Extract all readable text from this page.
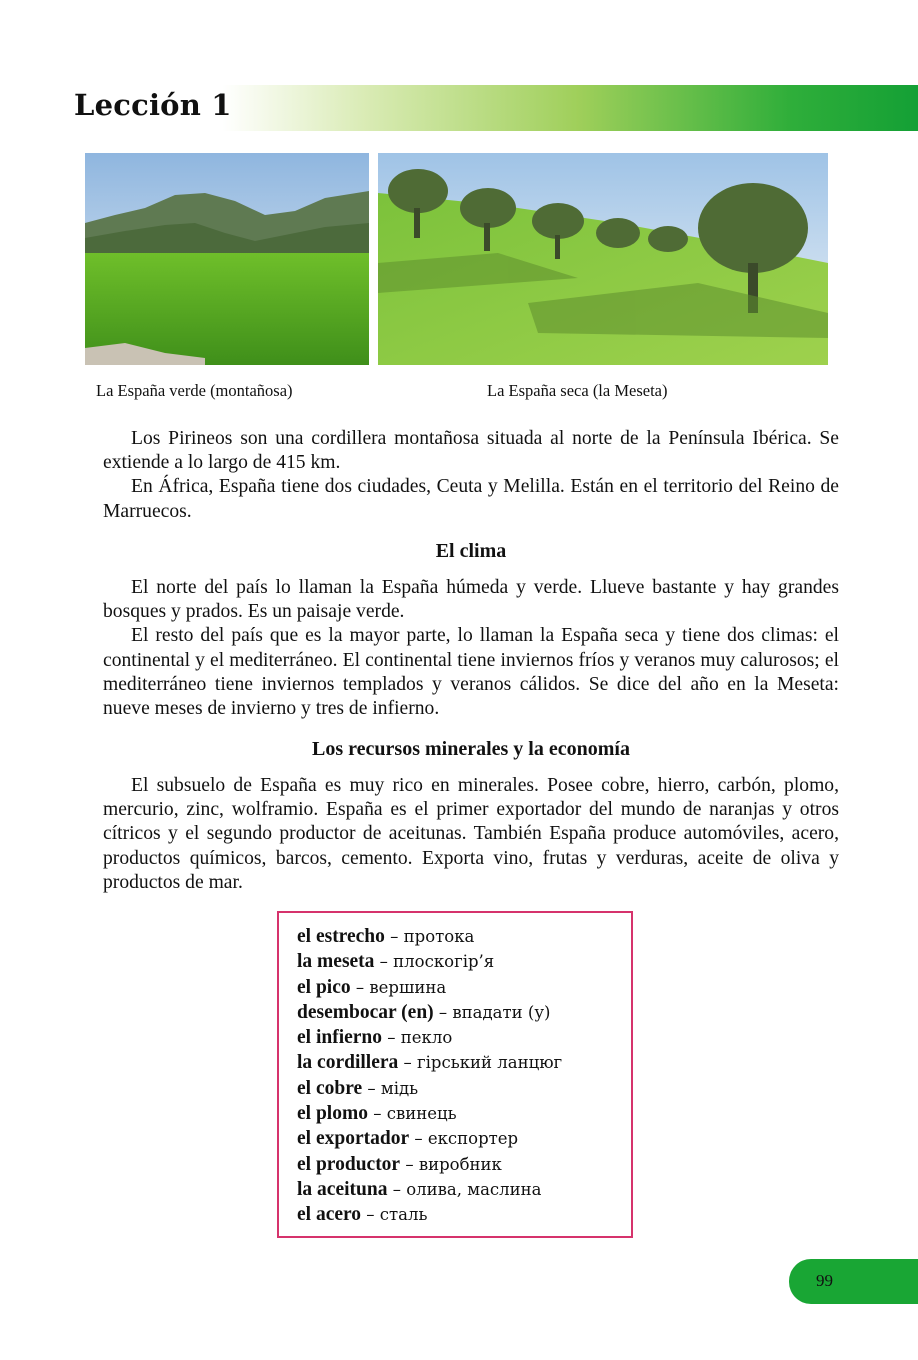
Lección 1
La España verde (montañosa)	La España seca (la Meseta)

Los Pirineos son una cordillera montañosa situada al norte de la Península Ibérica. Se extiende a lo largo de 415 km.

En África, España tiene dos ciudades, Ceuta y Melilla. Están en el territorio del Reino de Marruecos.

El clima

El norte del país lo llaman la España húmeda y verde. Llueve bastante y hay grandes bosques y prados. Es un paisaje verde.

El resto del país que es la mayor parte, lo llaman la España seca y tiene dos climas: el continental y el mediterráneo. El continental tiene inviernos fríos y veranos muy calurosos; el mediterráneo tiene inviernos templados y veranos cálidos. Se dice del año en la Meseta: nueve meses de invierno y tres de infierno.

Los recursos minerales y la economía

El subsuelo de España es muy rico en minerales. Posee cobre, hierro, carbón, plomo, mercurio, zinc, wolframio. España es el primer exportador del mundo de naranjas y otros cítricos y el segundo productor de aceitunas. También España produce automóviles, acero, productos químicos, barcos, cemento. Exporta vino, frutas y verduras, aceite de oliva y productos de mar.

el estrecho – протока
la meseta – плоскогір’я
el pico – вершина
desembocar (en) – впадати (у)
el infierno – пекло
la cordillera – гірський ланцюг
el cobre – мідь
el plomo – свинець
el exportador – експортер
el productor – виробник
la aceituna – олива, маслина
el acero – сталь
99
